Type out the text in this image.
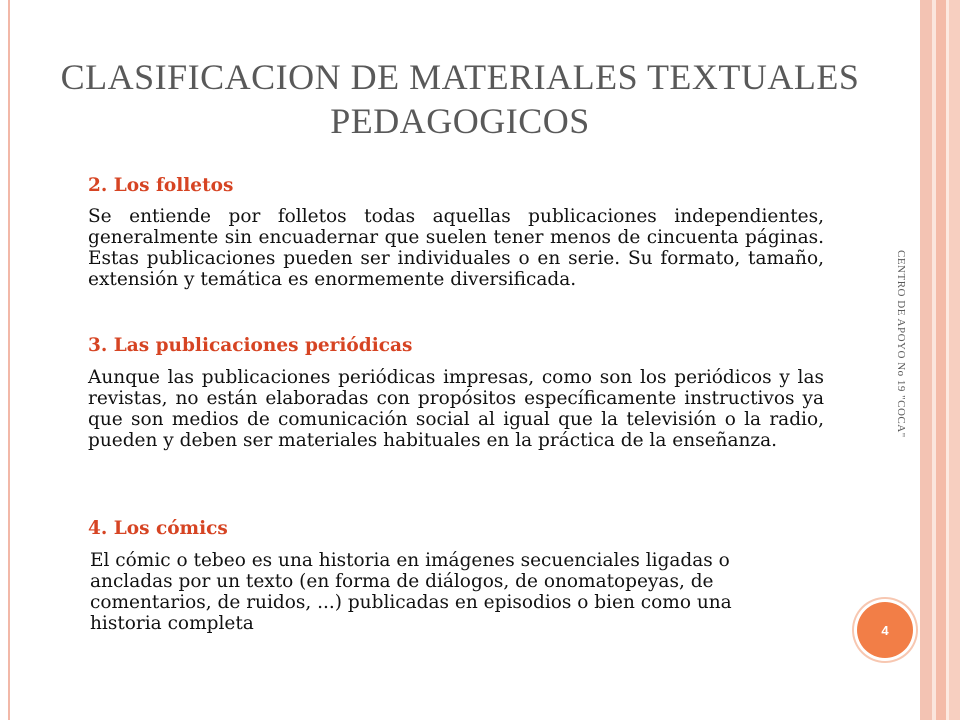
CLASIFICACION DE MATERIALES TEXTUALES PEDAGOGICOS

2. Los folletos

Se entiende por folletos todas aquellas publicaciones independientes, generalmente sin encuadernar que suelen tener menos de cincuenta páginas. Estas publicaciones pueden ser individuales o en serie. Su formato, tamaño, extensión y temática es enormemente diversificada.

3. Las publicaciones periódicas

Aunque las publicaciones periódicas impresas, como son los periódicos y las revistas, no están elaboradas con propósitos específicamente instructivos ya que son medios de comunicación social al igual que la televisión o la radio, pueden y deben ser materiales habituales en la práctica de la enseñanza.

4. Los cómics

El cómic o tebeo es una historia en imágenes secuenciales ligadas o ancladas por un texto (en forma de diálogos, de onomatopeyas, de comentarios, de ruidos, ...) publicadas en episodios o bien como una historia completa

CENTRO DE APOYO No 19 "COCA"
4
